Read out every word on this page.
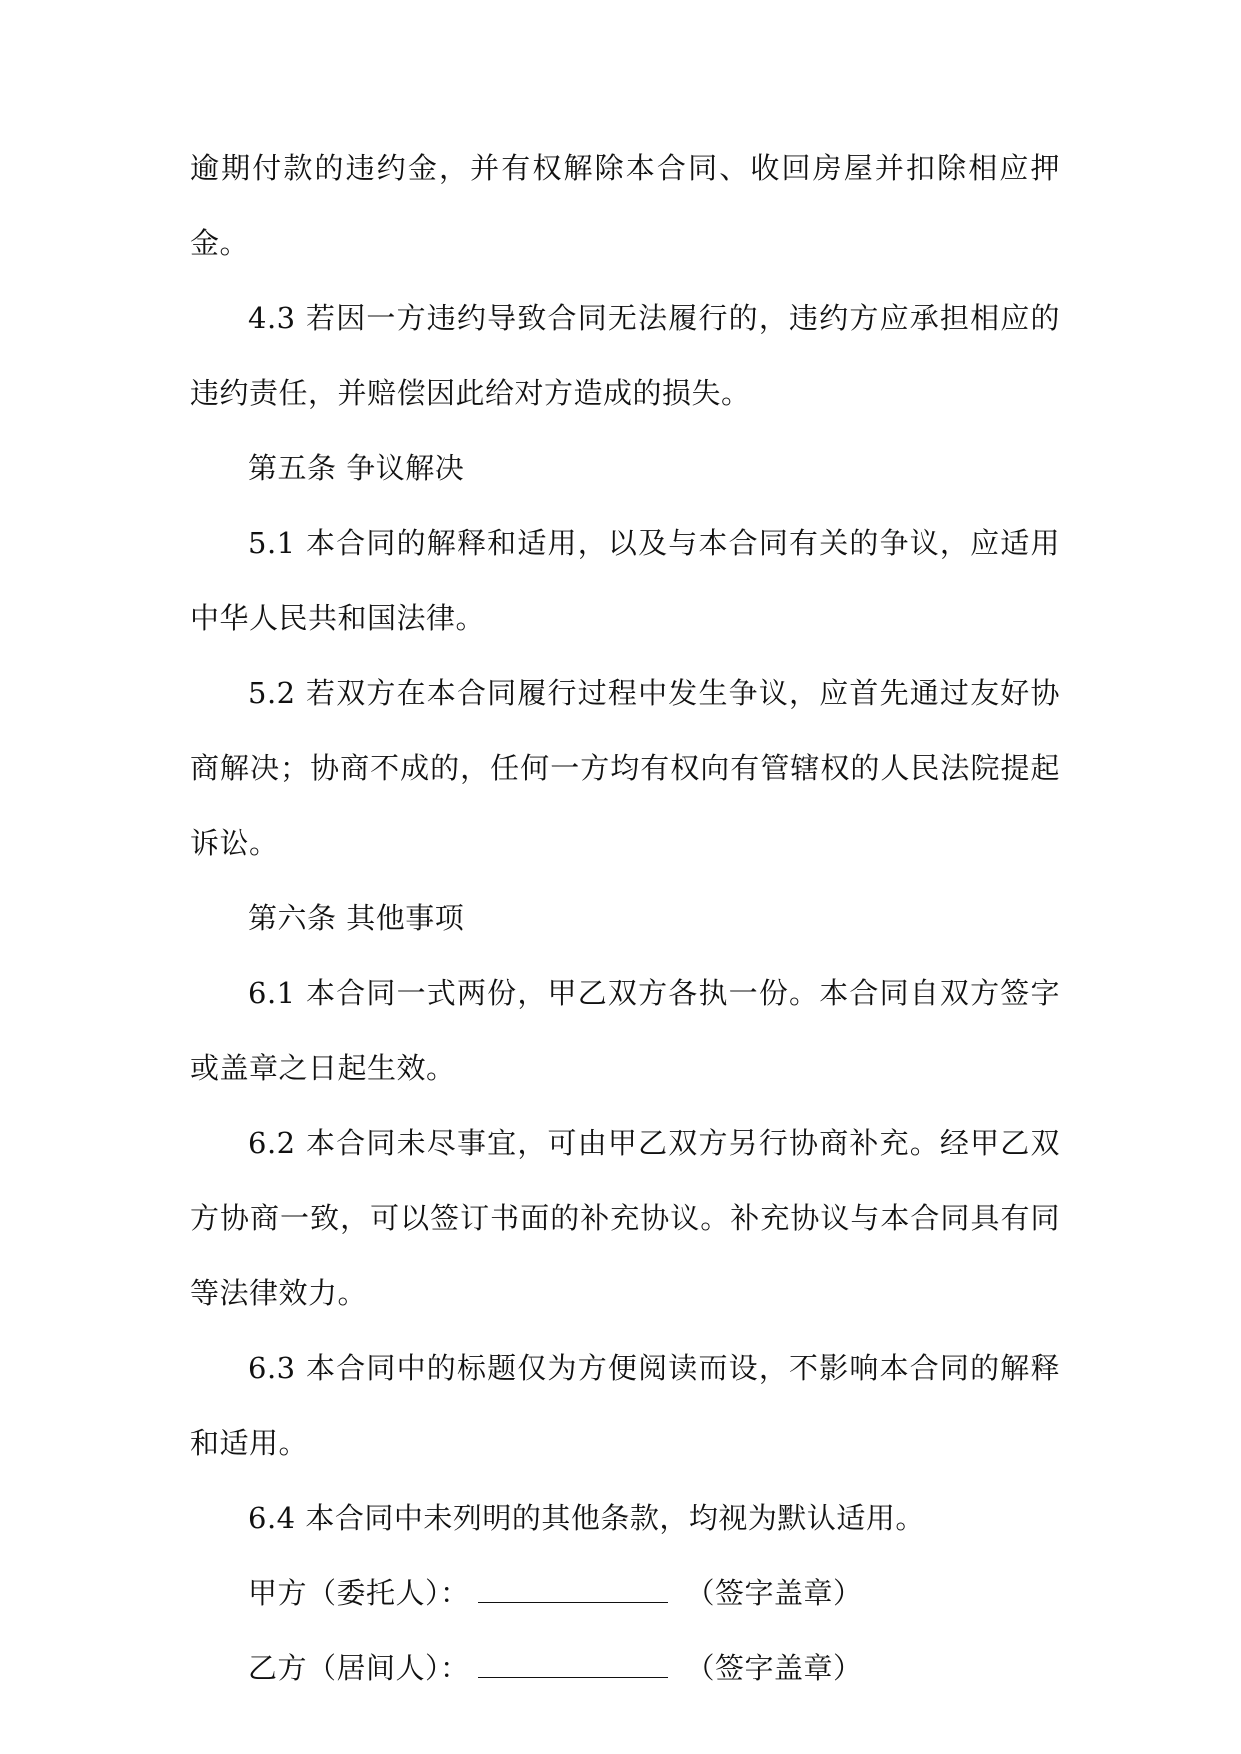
逾期付款的违约金，并有权解除本合同、收回房屋并扣除相应押金。

4.3 若因一方违约导致合同无法履行的，违约方应承担相应的违约责任，并赔偿因此给对方造成的损失。

第五条 争议解决

5.1 本合同的解释和适用，以及与本合同有关的争议，应适用中华人民共和国法律。

5.2 若双方在本合同履行过程中发生争议，应首先通过友好协商解决；协商不成的，任何一方均有权向有管辖权的人民法院提起诉讼。

第六条 其他事项

6.1 本合同一式两份，甲乙双方各执一份。本合同自双方签字或盖章之日起生效。

6.2 本合同未尽事宜，可由甲乙双方另行协商补充。经甲乙双方协商一致，可以签订书面的补充协议。补充协议与本合同具有同等法律效力。

6.3 本合同中的标题仅为方便阅读而设，不影响本合同的解释和适用。

6.4 本合同中未列明的其他条款，均视为默认适用。

甲方（委托人）：	（签字盖章）

乙方（居间人）：	（签字盖章）
